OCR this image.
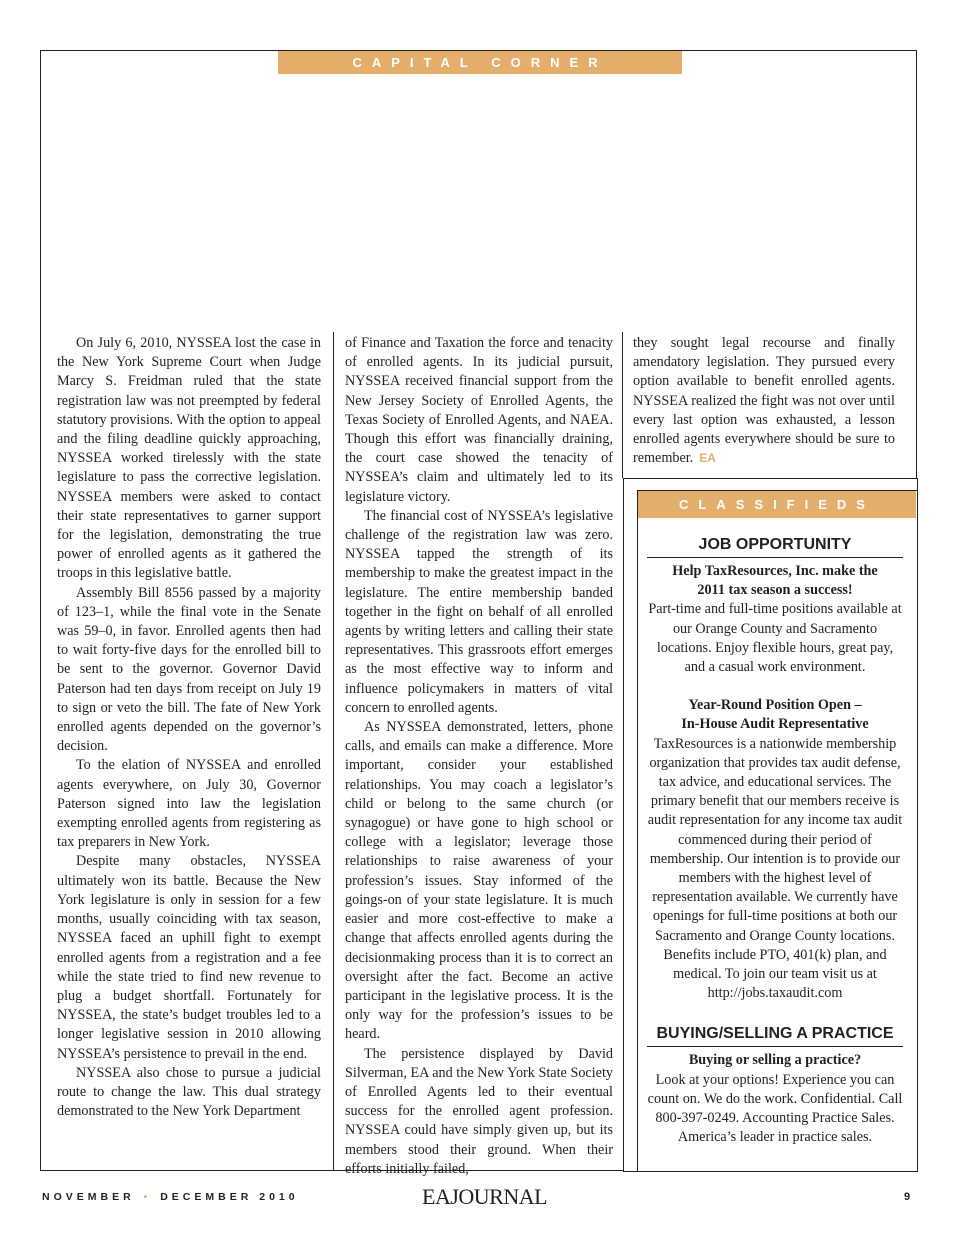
CAPITAL CORNER

On July 6, 2010, NYSSEA lost the case in the New York Supreme Court when Judge Marcy S. Freidman ruled that the state registration law was not preempted by federal statutory provisions. With the option to appeal and the filing deadline quickly approaching, NYSSEA worked tirelessly with the state legislature to pass the corrective legislation. NYSSEA members were asked to contact their state representatives to garner support for the legislation, demonstrating the true power of enrolled agents as it gathered the troops in this legislative battle.

Assembly Bill 8556 passed by a majority of 123–1, while the final vote in the Senate was 59–0, in favor. Enrolled agents then had to wait forty-five days for the enrolled bill to be sent to the governor. Governor David Paterson had ten days from receipt on July 19 to sign or veto the bill. The fate of New York enrolled agents depended on the governor’s decision.

To the elation of NYSSEA and enrolled agents everywhere, on July 30, Governor Paterson signed into law the legislation exempting enrolled agents from registering as tax preparers in New York.

Despite many obstacles, NYSSEA ultimately won its battle. Because the New York legislature is only in session for a few months, usually coinciding with tax season, NYSSEA faced an uphill fight to exempt enrolled agents from a registration and a fee while the state tried to find new revenue to plug a budget shortfall. Fortunately for NYSSEA, the state’s budget troubles led to a longer legislative session in 2010 allowing NYSSEA’s persistence to prevail in the end.

NYSSEA also chose to pursue a judicial route to change the law. This dual strategy demonstrated to the New York Department

of Finance and Taxation the force and tenacity of enrolled agents. In its judicial pursuit, NYSSEA received financial support from the New Jersey Society of Enrolled Agents, the Texas Society of Enrolled Agents, and NAEA. Though this effort was financially draining, the court case showed the tenacity of NYSSEA’s claim and ultimately led to its legislature victory.

The financial cost of NYSSEA’s legislative challenge of the registration law was zero. NYSSEA tapped the strength of its membership to make the greatest impact in the legislature. The entire membership banded together in the fight on behalf of all enrolled agents by writing letters and calling their state representatives. This grassroots effort emerges as the most effective way to inform and influence policymakers in matters of vital concern to enrolled agents.

As NYSSEA demonstrated, letters, phone calls, and emails can make a difference. More important, consider your established relationships. You may coach a legislator’s child or belong to the same church (or synagogue) or have gone to high school or college with a legislator; leverage those relationships to raise awareness of your profession’s issues. Stay informed of the goings-on of your state legislature. It is much easier and more cost-effective to make a change that affects enrolled agents during the decisionmaking process than it is to correct an oversight after the fact. Become an active participant in the legislative process. It is the only way for the profession’s issues to be heard.

The persistence displayed by David Silverman, EA and the New York State Society of Enrolled Agents led to their eventual success for the enrolled agent profession. NYSSEA could have simply given up, but its members stood their ground. When their efforts initially failed,

they sought legal recourse and finally amendatory legislation. They pursued every option available to benefit enrolled agents. NYSSEA realized the fight was not over until every last option was exhausted, a lesson enrolled agents everywhere should be sure to remember. EA

CLASSIFIEDS
JOB OPPORTUNITY

Help TaxResources, Inc. make the

2011 tax season a success!

Part-time and full-time positions available at our Orange County and Sacramento locations. Enjoy flexible hours, great pay, and a casual work environment.

Year-Round Position Open –

In-House Audit Representative

TaxResources is a nationwide membership organization that provides tax audit defense, tax advice, and educational services. The primary benefit that our members receive is audit representation for any income tax audit commenced during their period of membership. Our intention is to provide our members with the highest level of representation available. We currently have openings for full-time positions at both our Sacramento and Orange County locations. Benefits include PTO, 401(k) plan, and medical. To join our team visit us at http://jobs.taxaudit.com

BUYING/SELLING A PRACTICE

Buying or selling a practice?

Look at your options! Experience you can count on. We do the work. Confidential. Call 800-397-0249. Accounting Practice Sales. America’s leader in practice sales.

NOVEMBER • DECEMBER 2010	EAJOURNAL	9
